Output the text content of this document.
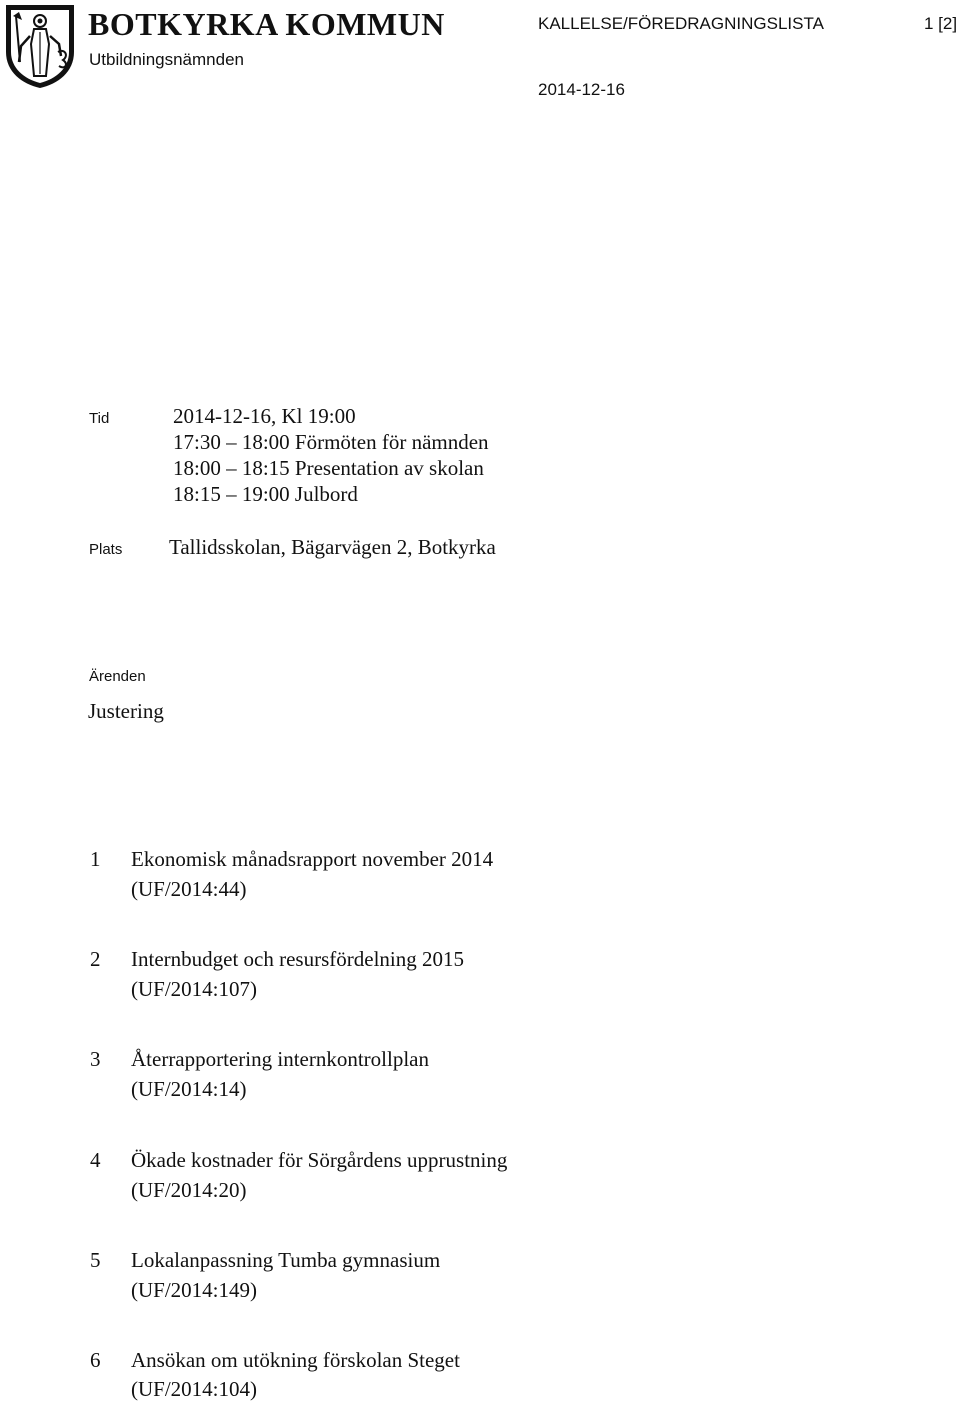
BOTKYRKA KOMMUN
Utbildningsnämnden
KALLELSE/FÖREDRAGNINGSLISTA	1 [2]
2014-12-16
Tid	2014-12-16, Kl 19:00
17:30 – 18:00 Förmöten för nämnden
18:00 – 18:15 Presentation av skolan
18:15 – 19:00 Julbord
Plats Tallidsskolan, Bägarvägen 2, Botkyrka
Ärenden
Justering
1	Ekonomisk månadsrapport november 2014
(UF/2014:44)
2	Internbudget och resursfördelning 2015
(UF/2014:107)
3	Återrapportering internkontrollplan
(UF/2014:14)
4	Ökade kostnader för Sörgårdens upprustning
(UF/2014:20)
5	Lokalanpassning Tumba gymnasium
(UF/2014:149)
6	Ansökan om utökning förskolan Steget
(UF/2014:104)
